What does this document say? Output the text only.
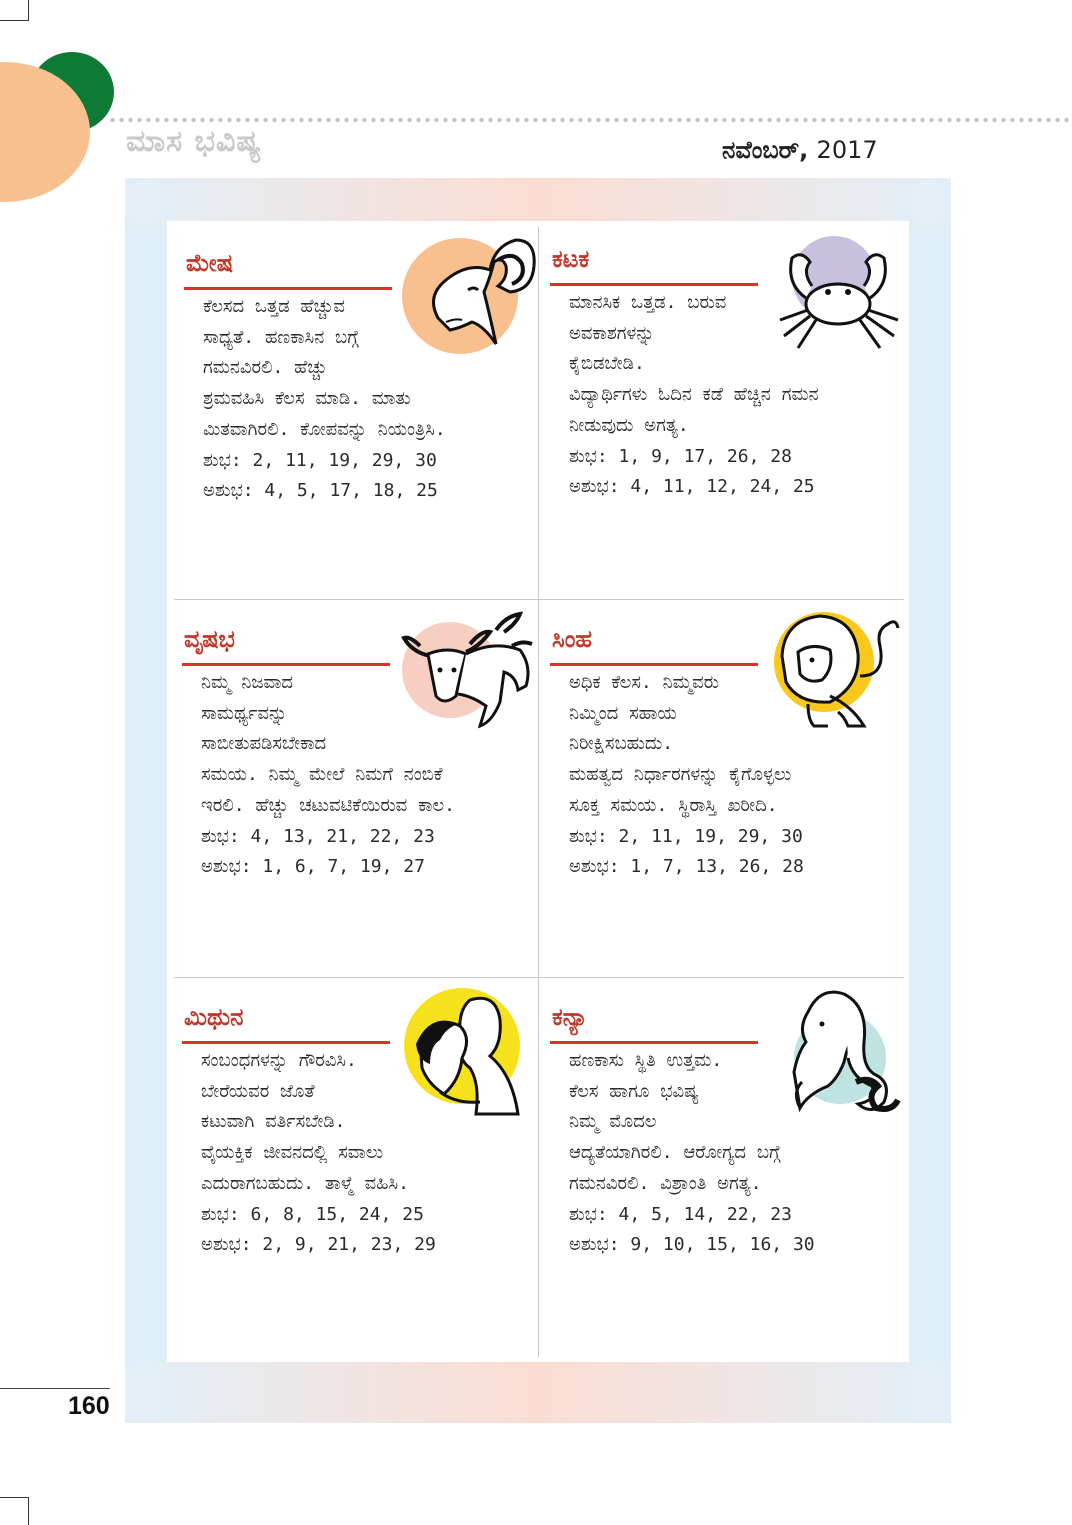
ಮಾಸ ಭವಿಷ್ಯ	ನವೆಂಬರ್, 2017
ಮೇಷ
ಕೆಲಸದ ಒತ್ತಡ ಹೆಚ್ಚುವ
ಸಾಧ್ಯತೆ. ಹಣಕಾಸಿನ ಬಗ್ಗೆ
ಗಮನವಿರಲಿ. ಹೆಚ್ಚು
ಶ್ರಮವಹಿಸಿ ಕೆಲಸ ಮಾಡಿ. ಮಾತು
ಮಿತವಾಗಿರಲಿ. ಕೋಪವನ್ನು ನಿಯಂತ್ರಿಸಿ.
ಶುಭ: 2, 11, 19, 29, 30
ಅಶುಭ: 4, 5, 17, 18, 25
ಕಟಕ
ಮಾನಸಿಕ ಒತ್ತಡ. ಬರುವ
ಅವಕಾಶಗಳನ್ನು
ಕೈಬಿಡಬೇಡಿ.
ವಿದ್ಯಾರ್ಥಿಗಳು ಓದಿನ ಕಡೆ ಹೆಚ್ಚಿನ ಗಮನ
ನೀಡುವುದು ಅಗತ್ಯ.
ಶುಭ: 1, 9, 17, 26, 28
ಅಶುಭ: 4, 11, 12, 24, 25
ವೃಷಭ
ನಿಮ್ಮ ನಿಜವಾದ
ಸಾಮರ್ಥ್ಯವನ್ನು
ಸಾಬೀತುಪಡಿಸಬೇಕಾದ
ಸಮಯ. ನಿಮ್ಮ ಮೇಲೆ ನಿಮಗೆ ನಂಬಿಕೆ
ಇರಲಿ. ಹೆಚ್ಚು ಚಟುವಟಿಕೆಯಿರುವ ಕಾಲ.
ಶುಭ: 4, 13, 21, 22, 23
ಅಶುಭ: 1, 6, 7, 19, 27
ಸಿಂಹ
ಅಧಿಕ ಕೆಲಸ. ನಿಮ್ಮವರು
ನಿಮ್ಮಿಂದ ಸಹಾಯ
ನಿರೀಕ್ಷಿಸಬಹುದು.
ಮಹತ್ವದ ನಿರ್ಧಾರಗಳನ್ನು ಕೈಗೊಳ್ಳಲು
ಸೂಕ್ತ ಸಮಯ. ಸ್ಥಿರಾಸ್ತಿ ಖರೀದಿ.
ಶುಭ: 2, 11, 19, 29, 30
ಅಶುಭ: 1, 7, 13, 26, 28
ಮಿಥುನ
ಸಂಬಂಧಗಳನ್ನು ಗೌರವಿಸಿ.
ಬೇರೆಯವರ ಜೊತೆ
ಕಟುವಾಗಿ ವರ್ತಿಸಬೇಡಿ.
ವೈಯಕ್ತಿಕ ಜೀವನದಲ್ಲಿ ಸವಾಲು
ಎದುರಾಗಬಹುದು. ತಾಳ್ಮೆ ವಹಿಸಿ.
ಶುಭ: 6, 8, 15, 24, 25
ಅಶುಭ: 2, 9, 21, 23, 29
ಕನ್ಯಾ
ಹಣಕಾಸು ಸ್ಥಿತಿ ಉತ್ತಮ.
ಕೆಲಸ ಹಾಗೂ ಭವಿಷ್ಯ
ನಿಮ್ಮ ಮೊದಲ
ಆದ್ಯತೆಯಾಗಿರಲಿ. ಆರೋಗ್ಯದ ಬಗ್ಗೆ
ಗಮನವಿರಲಿ. ವಿಶ್ರಾಂತಿ ಅಗತ್ಯ.
ಶುಭ: 4, 5, 14, 22, 23
ಅಶುಭ: 9, 10, 15, 16, 30
160
